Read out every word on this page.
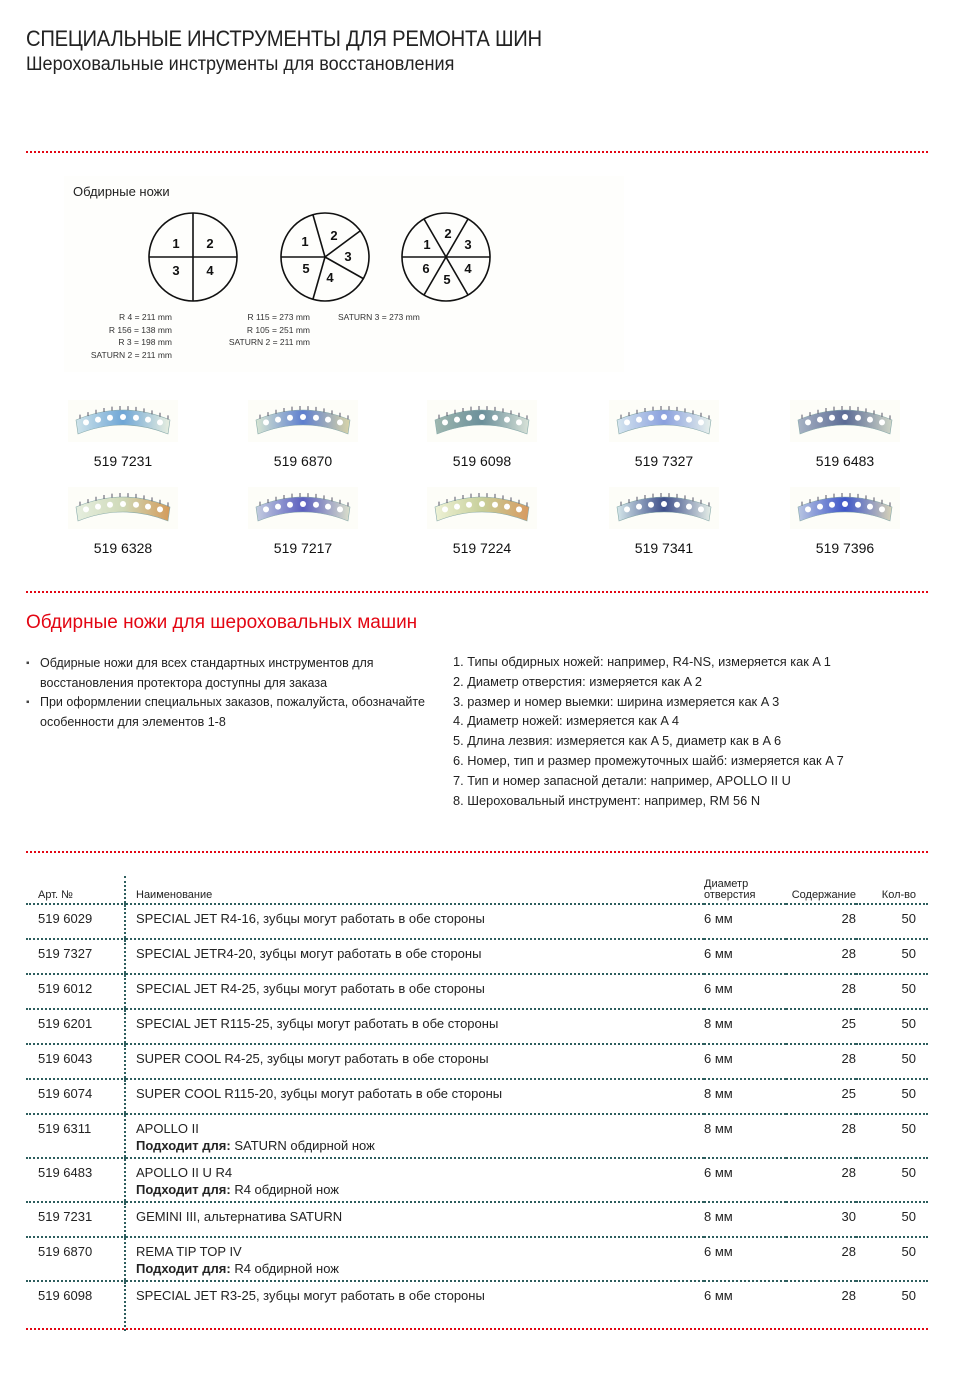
СПЕЦИАЛЬНЫЕ ИНСТРУМЕНТЫ ДЛЯ РЕМОНТА ШИН
Шероховальные инструменты для восстановления
Обдирные ножи
1 2
3 4
1 2
3
4
5
1
2
3
4
5
6
R 4 = 211 mm
R 156 = 138 mm
R 3 = 198 mm
SATURN 2 = 211 mm
R 115 = 273 mm
R 105 = 251 mm
SATURN 2 = 211 mm
SATURN 3 = 273 mm
519 7231	519 6870	519 6098	519 7327	519 6483
519 6328	519 7217	519 7224	519 7341	519 7396
Обдирные ножи для шероховальных машин
▪ Обдирные ножи для всех стандартных инструментов для восстановления протектора доступны для заказа
▪ При оформлении специальных заказов, пожалуйста, обозначайте особенности для элементов 1-8
1. Типы обдирных ножей: например, R4-NS, измеряется как A 1
2. Диаметр отверстия: измеряется как A 2
3. размер и номер выемки: ширина измеряется как A 3
4. Диаметр ножей: измеряется как A 4
5. Длина лезвия: измеряется как A 5, диаметр как в A 6
6. Номер, тип и размер промежуточных шайб: измеряется как A 7
7. Тип и номер запасной детали: например, APOLLO II U
8. Шероховальный инструмент: например, RM 56 N
Арт. №	Наименование	Диаметр
отверстия	Содержание	Кол-во
519 6029	SPECIAL JET R4-16, зубцы могут работать в обе стороны	6 мм	28	50
519 7327	SPECIAL JETR4-20, зубцы могут работать в обе стороны	6 мм	28	50
519 6012	SPECIAL JET R4-25, зубцы могут работать в обе стороны	6 мм	28	50
519 6201	SPECIAL JET R115-25, зубцы могут работать в обе стороны	8 мм	25	50
519 6043	SUPER COOL R4-25, зубцы могут работать в обе стороны	6 мм	28	50
519 6074	SUPER COOL R115-20, зубцы могут работать в обе стороны	8 мм	25	50
519 6311	APOLLO II
Подходит для: SATURN обдирной нож	8 мм	28	50
519 6483	APOLLO II U R4
Подходит для: R4 обдирной нож	6 мм	28	50
519 7231	GEMINI III, альтернатива SATURN	8 мм	30	50
519 6870	REMA TIP TOP IV
Подходит для: R4 обдирной нож	6 мм	28	50
519 6098	SPECIAL JET R3-25, зубцы могут работать в обе стороны	6 мм	28	50
